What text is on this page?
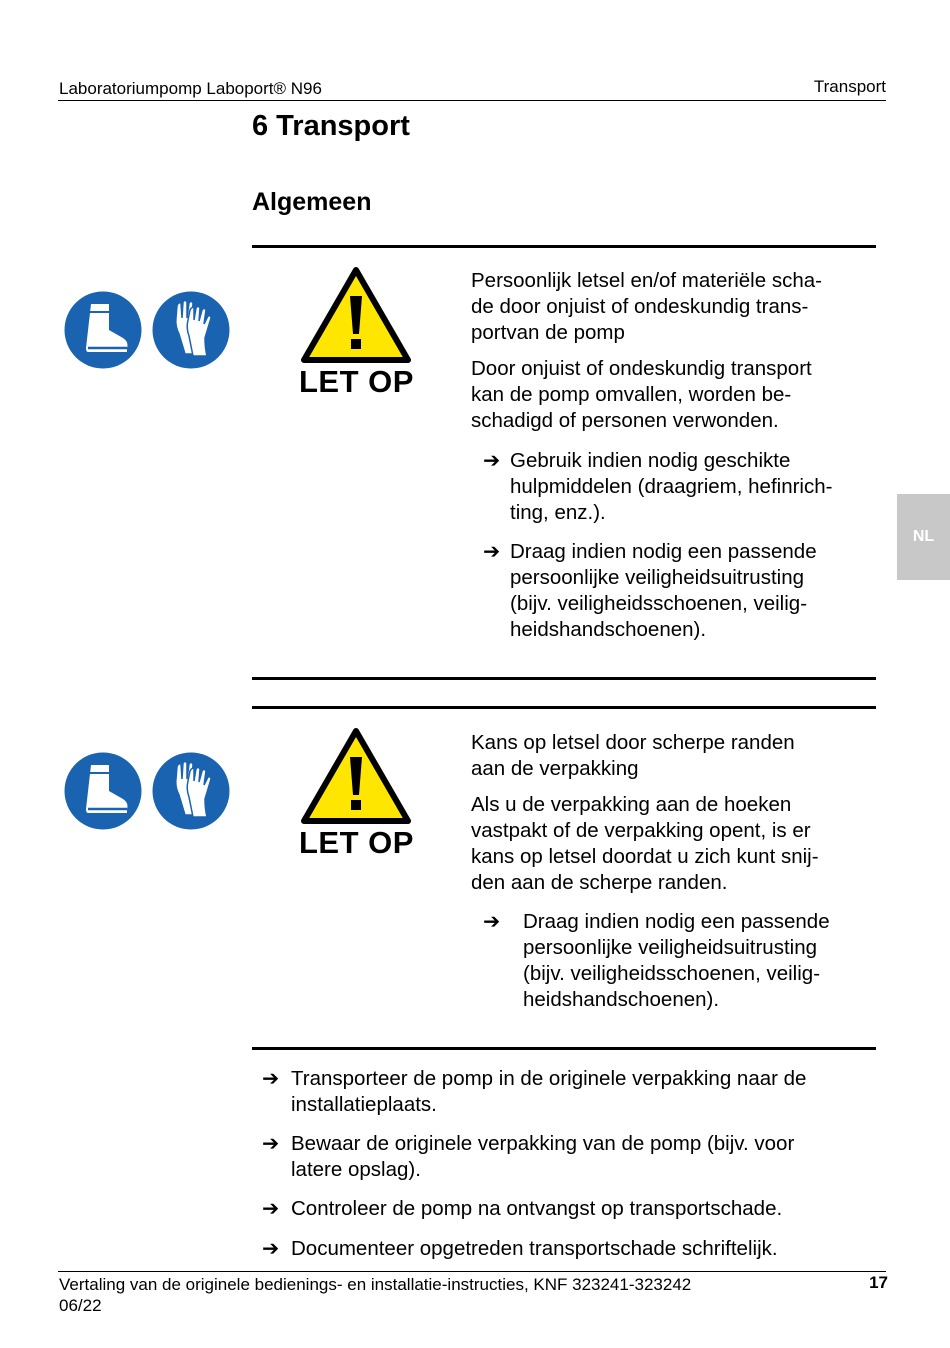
Laboratoriumpomp Laboport® N96	Transport
6 Transport
Algemeen
NL
LET OP
Persoonlijk letsel en/of materiële scha-
de door onjuist of ondeskundig trans-
portvan de pomp
Door onjuist of ondeskundig transport
kan de pomp omvallen, worden be-
schadigd of personen verwonden.
➔ Gebruik indien nodig geschikte
hulpmiddelen (draagriem, hefinrich-
ting, enz.).
➔ Draag indien nodig een passende
persoonlijke veiligheidsuitrusting
(bijv. veiligheidsschoenen, veilig-
heidshandschoenen).
LET OP
Kans op letsel door scherpe randen
aan de verpakking
Als u de verpakking aan de hoeken
vastpakt of de verpakking opent, is er
kans op letsel doordat u zich kunt snij-
den aan de scherpe randen.
➔ Draag indien nodig een passende
persoonlijke veiligheidsuitrusting
(bijv. veiligheidsschoenen, veilig-
heidshandschoenen).
➔ Transporteer de pomp in de originele verpakking naar de
installatieplaats.
➔ Bewaar de originele verpakking van de pomp (bijv. voor
latere opslag).
➔ Controleer de pomp na ontvangst op transportschade.
➔ Documenteer opgetreden transportschade schriftelijk.
Vertaling van de originele bedienings- en installatie-instructies, KNF 323241-323242
06/22
17
